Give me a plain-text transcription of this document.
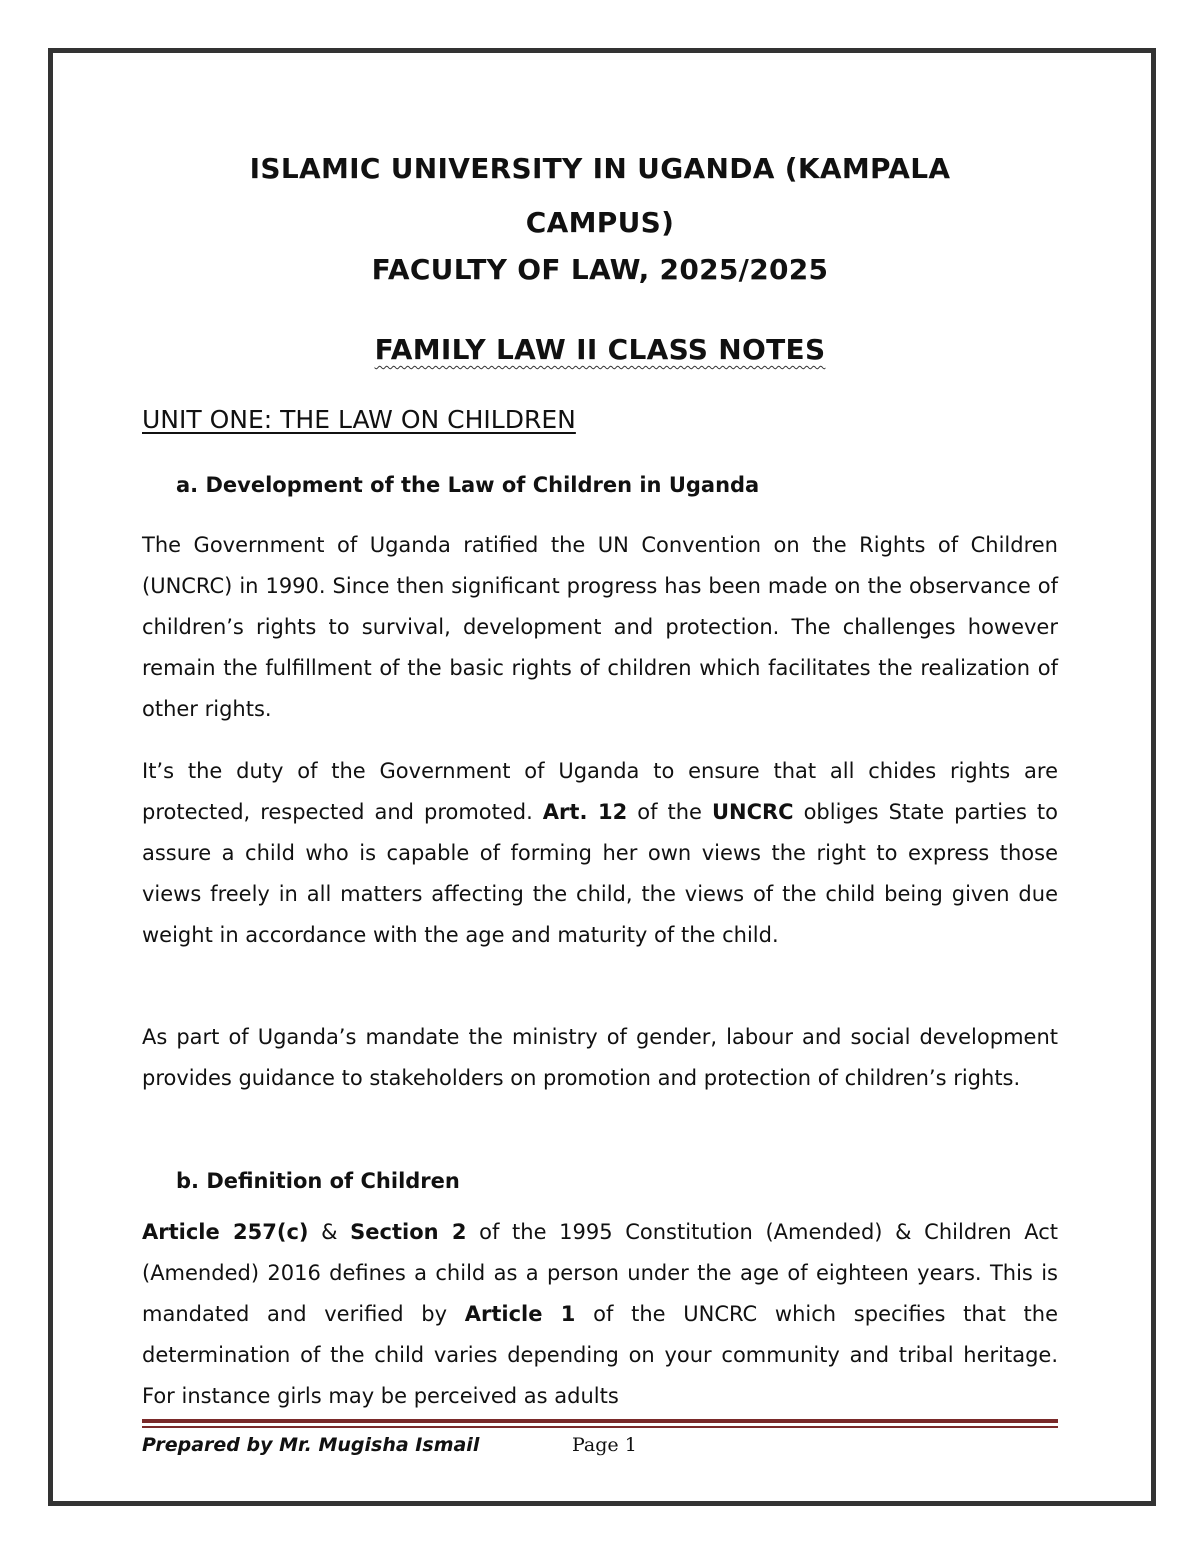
ISLAMIC UNIVERSITY IN UGANDA (KAMPALA CAMPUS)
FACULTY OF LAW, 2025/2025
FAMILY LAW II CLASS NOTES
UNIT ONE: THE LAW ON CHILDREN
a. Development of the Law of Children in Uganda

The Government of Uganda ratified the UN Convention on the Rights of Children (UNCRC) in 1990. Since then significant progress has been made on the observance of children’s rights to survival, development and protection. The challenges however remain the fulfillment of the basic rights of children which facilitates the realization of other rights.

It’s the duty of the Government of Uganda to ensure that all chides rights are protected, respected and promoted. Art. 12 of the UNCRC obliges State parties to assure a child who is capable of forming her own views the right to express those views freely in all matters affecting the child, the views of the child being given due weight in accordance with the age and maturity of the child.

As part of Uganda’s mandate the ministry of gender, labour and social development provides guidance to stakeholders on promotion and protection of children’s rights.

b. Definition of Children

Article 257(c) & Section 2 of the 1995 Constitution (Amended) & Children Act (Amended) 2016 defines a child as a person under the age of eighteen years. This is mandated and verified by Article 1 of the UNCRC which specifies that the determination of the child varies depending on your community and tribal heritage. For instance girls may be perceived as adults

Prepared by Mr. Mugisha Ismail	Page 1
